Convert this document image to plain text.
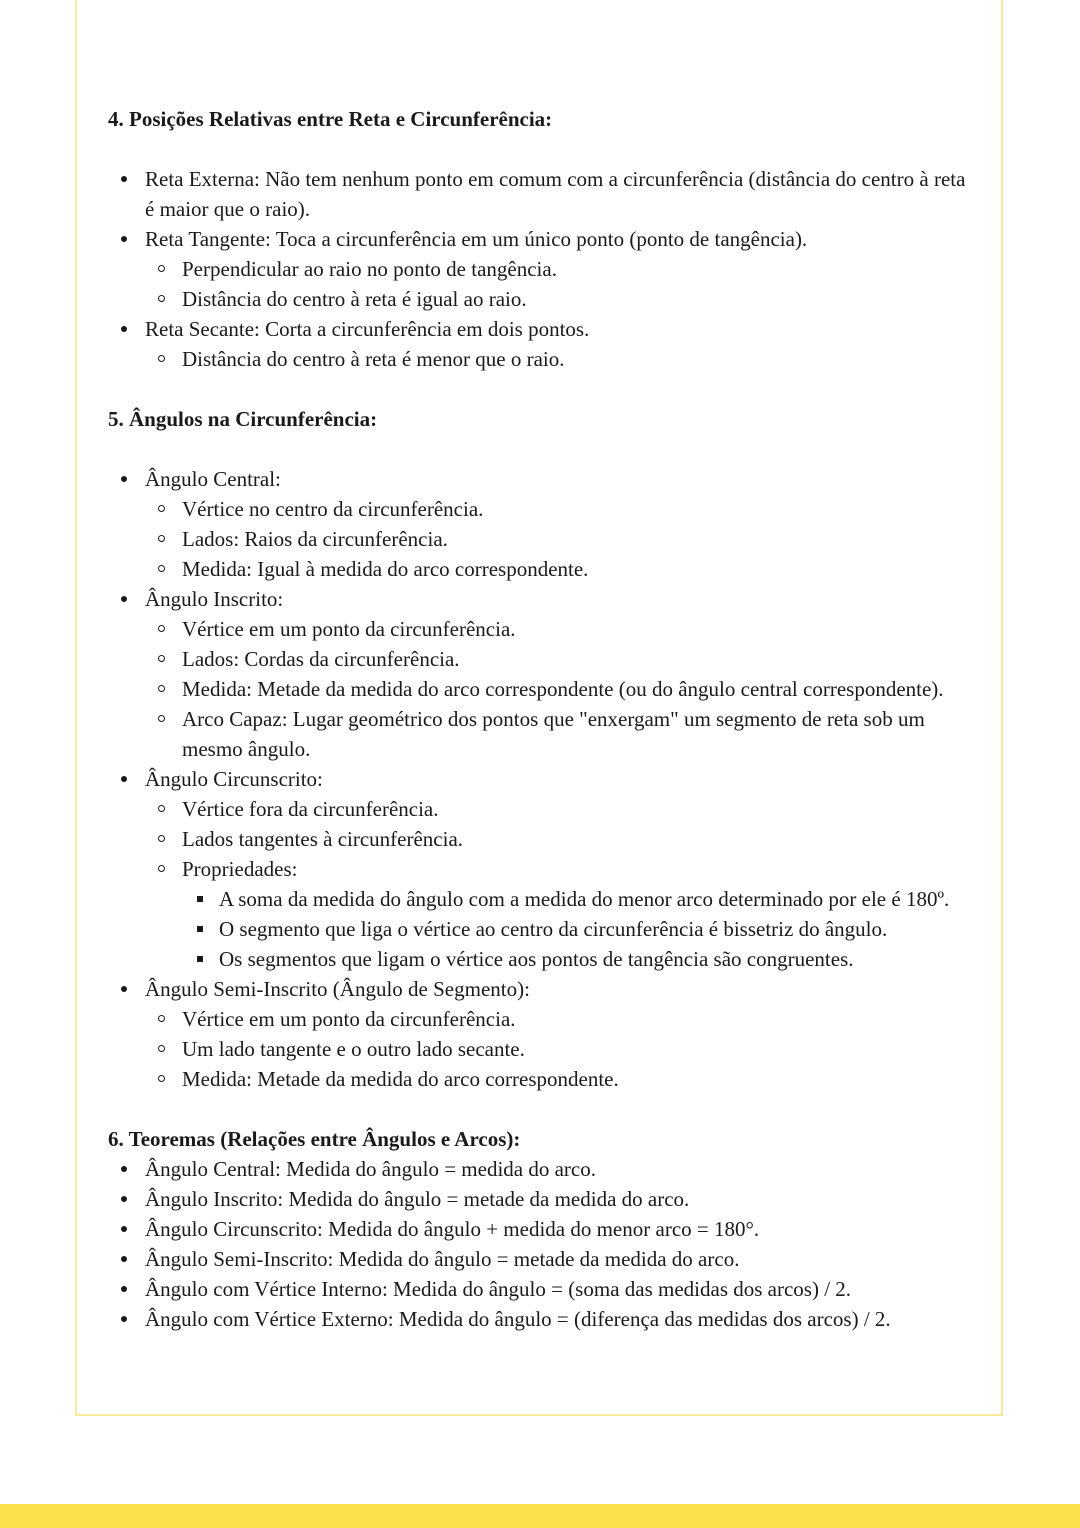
4. Posições Relativas entre Reta e Circunferência:
Reta Externa: Não tem nenhum ponto em comum com a circunferência (distância do centro à reta é maior que o raio).
Reta Tangente: Toca a circunferência em um único ponto (ponto de tangência).
Perpendicular ao raio no ponto de tangência.
Distância do centro à reta é igual ao raio.
Reta Secante: Corta a circunferência em dois pontos.
Distância do centro à reta é menor que o raio.
5. Ângulos na Circunferência:
Ângulo Central:
Vértice no centro da circunferência.
Lados: Raios da circunferência.
Medida: Igual à medida do arco correspondente.
Ângulo Inscrito:
Vértice em um ponto da circunferência.
Lados: Cordas da circunferência.
Medida: Metade da medida do arco correspondente (ou do ângulo central correspondente).
Arco Capaz: Lugar geométrico dos pontos que "enxergam" um segmento de reta sob um mesmo ângulo.
Ângulo Circunscrito:
Vértice fora da circunferência.
Lados tangentes à circunferência.
Propriedades:
A soma da medida do ângulo com a medida do menor arco determinado por ele é 180º.
O segmento que liga o vértice ao centro da circunferência é bissetriz do ângulo.
Os segmentos que ligam o vértice aos pontos de tangência são congruentes.
Ângulo Semi-Inscrito (Ângulo de Segmento):
Vértice em um ponto da circunferência.
Um lado tangente e o outro lado secante.
Medida: Metade da medida do arco correspondente.
6. Teoremas (Relações entre Ângulos e Arcos):
Ângulo Central: Medida do ângulo = medida do arco.
Ângulo Inscrito: Medida do ângulo = metade da medida do arco.
Ângulo Circunscrito: Medida do ângulo + medida do menor arco = 180°.
Ângulo Semi-Inscrito: Medida do ângulo = metade da medida do arco.
Ângulo com Vértice Interno: Medida do ângulo = (soma das medidas dos arcos) / 2.
Ângulo com Vértice Externo: Medida do ângulo = (diferença das medidas dos arcos) / 2.
